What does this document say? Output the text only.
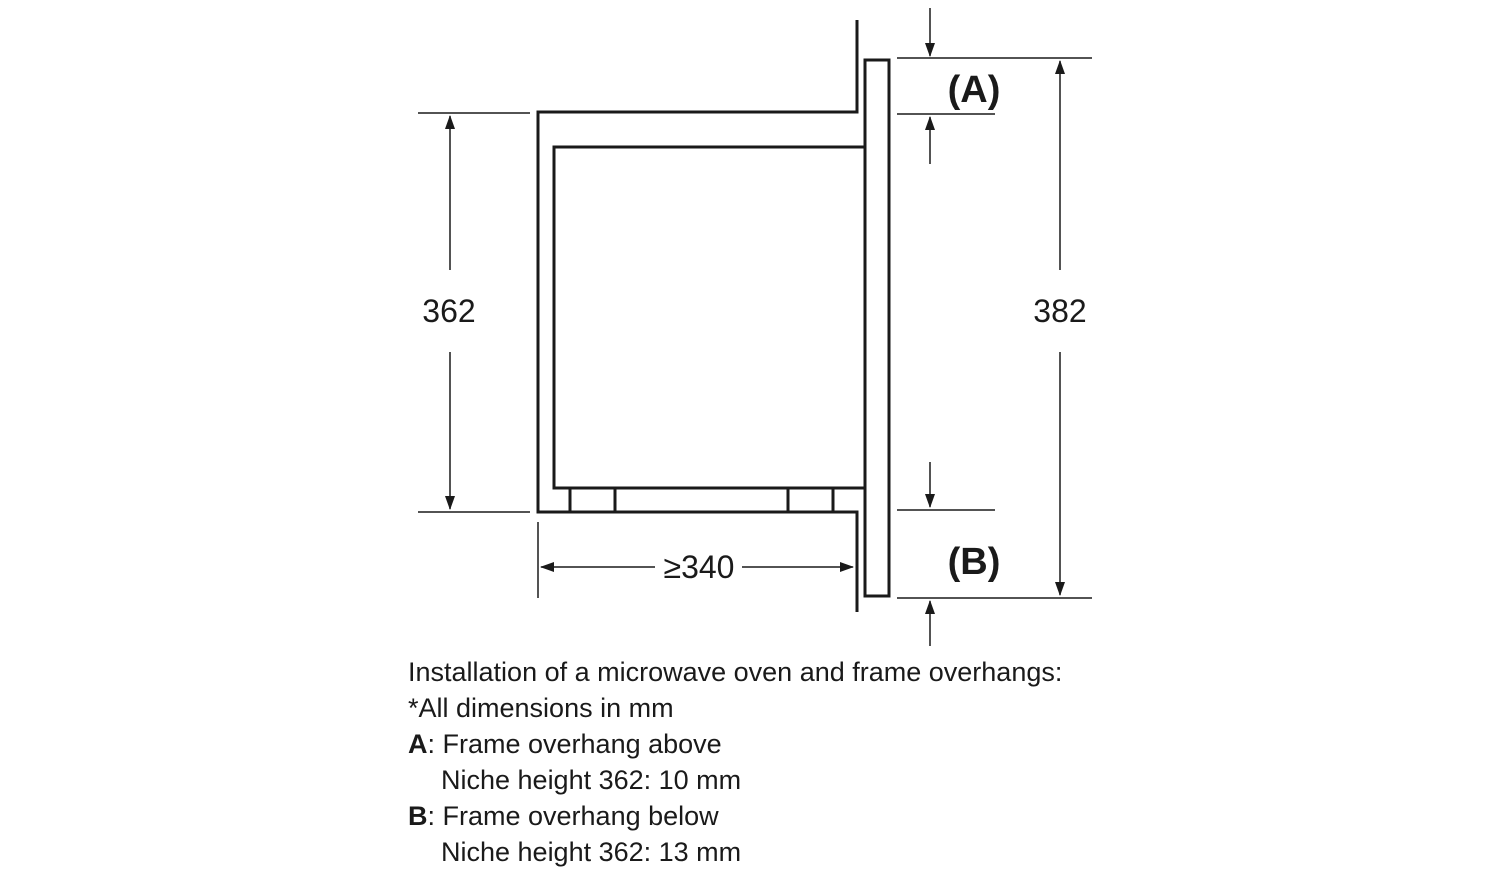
362	382
(A)
(B)
≥340
Installation of a microwave oven and frame overhangs:
*All dimensions in mm
A: Frame overhang above
Niche height 362: 10 mm
B: Frame overhang below
Niche height 362: 13 mm
